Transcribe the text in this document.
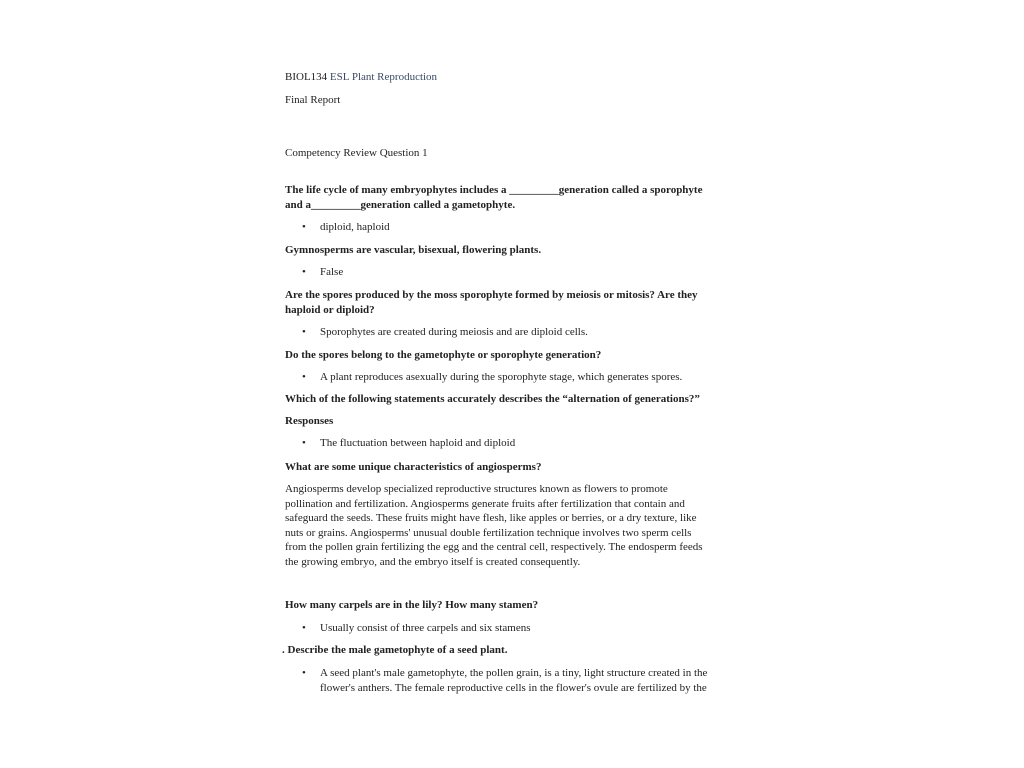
BIOL134 ESL Plant Reproduction
Final Report
Competency Review Question 1
The life cycle of many embryophytes includes a _________generation called a sporophyte
and a_________generation called a gametophyte.
• diploid, haploid
Gymnosperms are vascular, bisexual, flowering plants.
• False
Are the spores produced by the moss sporophyte formed by meiosis or mitosis? Are they
haploid or diploid?
• Sporophytes are created during meiosis and are diploid cells.
Do the spores belong to the gametophyte or sporophyte generation?
• A plant reproduces asexually during the sporophyte stage, which generates spores.
Which of the following statements accurately describes the “alternation of generations?”
Responses
• The fluctuation between haploid and diploid
What are some unique characteristics of angiosperms?
Angiosperms develop specialized reproductive structures known as flowers to promote
pollination and fertilization. Angiosperms generate fruits after fertilization that contain and
safeguard the seeds. These fruits might have flesh, like apples or berries, or a dry texture, like
nuts or grains. Angiosperms' unusual double fertilization technique involves two sperm cells
from the pollen grain fertilizing the egg and the central cell, respectively. The endosperm feeds
the growing embryo, and the embryo itself is created consequently.
How many carpels are in the lily? How many stamen?
• Usually consist of three carpels and six stamens
. Describe the male gametophyte of a seed plant.
• A seed plant's male gametophyte, the pollen grain, is a tiny, light structure created in the
flower's anthers. The female reproductive cells in the flower's ovule are fertilized by the
